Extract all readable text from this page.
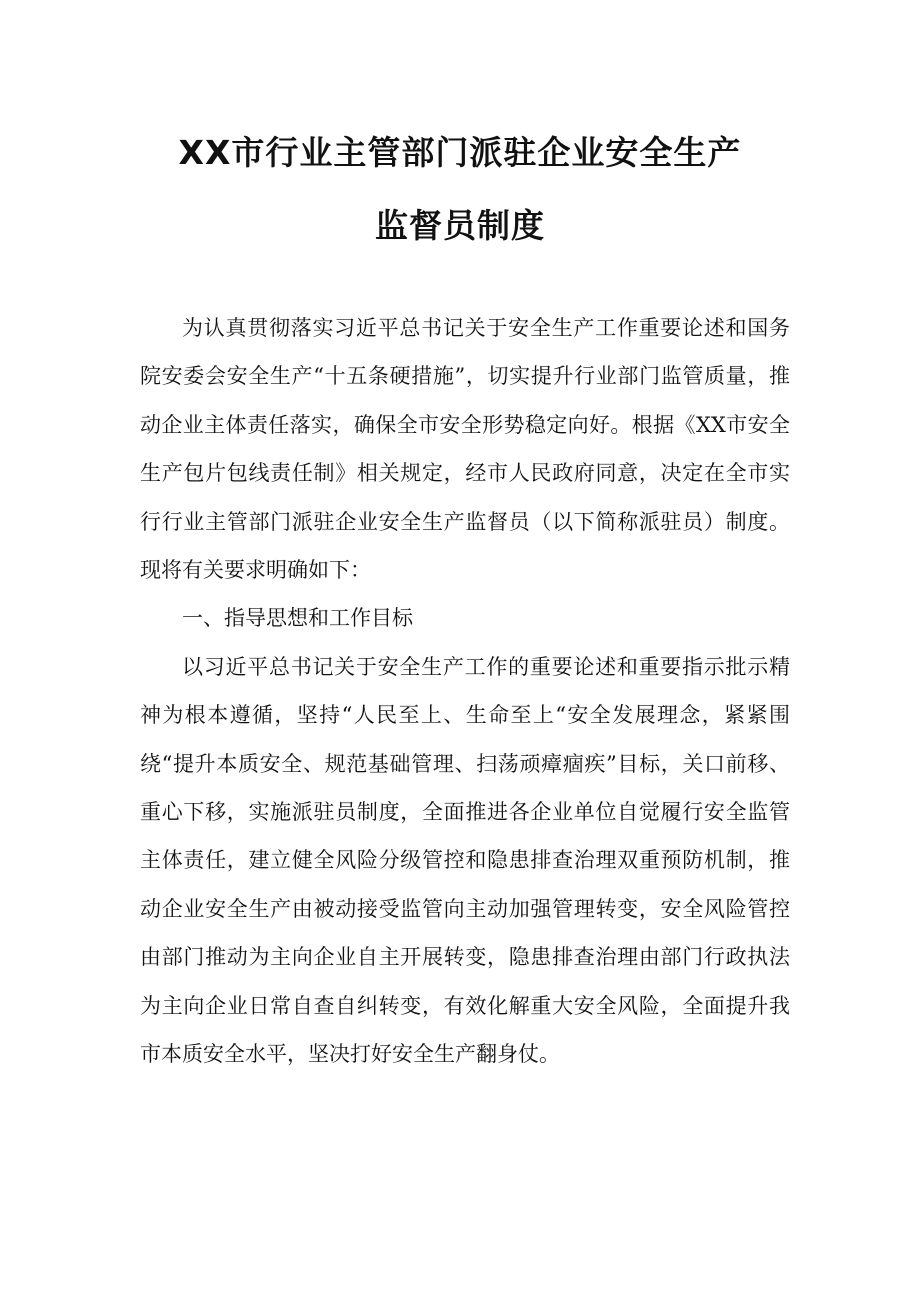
XX市行业主管部门派驻企业安全生产
监督员制度

为认真贯彻落实习近平总书记关于安全生产工作重要论述和国务院安委会安全生产“十五条硬措施”，切实提升行业部门监管质量，推动企业主体责任落实，确保全市安全形势稳定向好。根据《XX市安全生产包片包线责任制》相关规定，经市人民政府同意，决定在全市实行行业主管部门派驻企业安全生产监督员（以下简称派驻员）制度。现将有关要求明确如下：

一、指导思想和工作目标

以习近平总书记关于安全生产工作的重要论述和重要指示批示精神为根本遵循，坚持“人民至上、生命至上“安全发展理念，紧紧围绕“提升本质安全、规范基础管理、扫荡顽瘴痼疾”目标，关口前移、重心下移，实施派驻员制度，全面推进各企业单位自觉履行安全监管主体责任，建立健全风险分级管控和隐患排查治理双重预防机制，推动企业安全生产由被动接受监管向主动加强管理转变，安全风险管控由部门推动为主向企业自主开展转变，隐患排查治理由部门行政执法为主向企业日常自查自纠转变，有效化解重大安全风险，全面提升我市本质安全水平，坚决打好安全生产翻身仗。
